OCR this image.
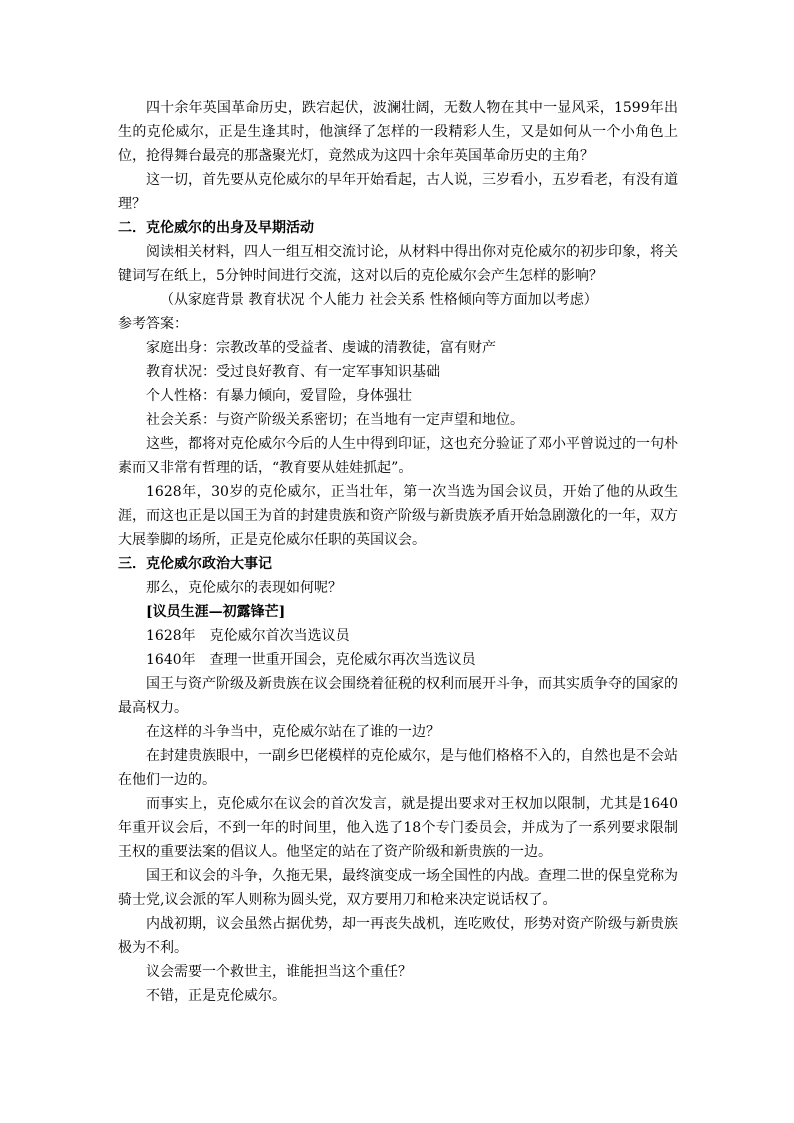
四十余年英国革命历史，跌宕起伏，波澜壮阔，无数人物在其中一显风采，1599年出生的克伦威尔，正是生逢其时，他演绎了怎样的一段精彩人生，又是如何从一个小角色上位，抢得舞台最亮的那盏聚光灯，竟然成为这四十余年英国革命历史的主角？

这一切，首先要从克伦威尔的早年开始看起，古人说，三岁看小，五岁看老，有没有道理？

二．克伦威尔的出身及早期活动

阅读相关材料，四人一组互相交流讨论，从材料中得出你对克伦威尔的初步印象，将关键词写在纸上，5分钟时间进行交流，这对以后的克伦威尔会产生怎样的影响？

（从家庭背景 教育状况 个人能力 社会关系 性格倾向等方面加以考虑）

参考答案：

家庭出身：宗教改革的受益者、虔诚的清教徒，富有财产

教育状况：受过良好教育、有一定军事知识基础

个人性格：有暴力倾向，爱冒险，身体强壮

社会关系：与资产阶级关系密切；在当地有一定声望和地位。

这些，都将对克伦威尔今后的人生中得到印证，这也充分验证了邓小平曾说过的一句朴素而又非常有哲理的话，“教育要从娃娃抓起”。

1628年，30岁的克伦威尔，正当壮年，第一次当选为国会议员，开始了他的从政生涯，而这也正是以国王为首的封建贵族和资产阶级与新贵族矛盾开始急剧激化的一年，双方大展拳脚的场所，正是克伦威尔任职的英国议会。

三．克伦威尔政治大事记

那么，克伦威尔的表现如何呢？

[议员生涯—初露锋芒]

1628年　克伦威尔首次当选议员

1640年　查理一世重开国会，克伦威尔再次当选议员

国王与资产阶级及新贵族在议会围绕着征税的权利而展开斗争，而其实质争夺的国家的最高权力。

在这样的斗争当中，克伦威尔站在了谁的一边？

在封建贵族眼中，一副乡巴佬模样的克伦威尔，是与他们格格不入的，自然也是不会站在他们一边的。

而事实上，克伦威尔在议会的首次发言，就是提出要求对王权加以限制，尤其是1640年重开议会后，不到一年的时间里，他入选了18个专门委员会，并成为了一系列要求限制王权的重要法案的倡议人。他坚定的站在了资产阶级和新贵族的一边。

国王和议会的斗争，久拖无果，最终演变成一场全国性的内战。查理二世的保皇党称为骑士党,议会派的军人则称为圆头党，双方要用刀和枪来决定说话权了。

内战初期，议会虽然占据优势，却一再丧失战机，连吃败仗，形势对资产阶级与新贵族极为不利。

议会需要一个救世主，谁能担当这个重任？

不错，正是克伦威尔。
